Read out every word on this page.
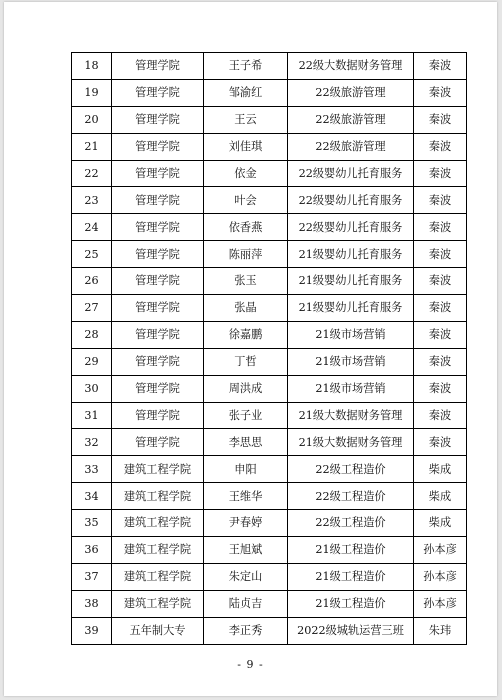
18	管理学院	王子希	22级大数据财务管理	秦波
19	管理学院	邹渝红	22级旅游管理	秦波
20	管理学院	王云	22级旅游管理	秦波
21	管理学院	刘佳琪	22级旅游管理	秦波
22	管理学院	依金	22级婴幼儿托育服务	秦波
23	管理学院	叶会	22级婴幼儿托育服务	秦波
24	管理学院	依香燕	22级婴幼儿托育服务	秦波
25	管理学院	陈丽萍	21级婴幼儿托育服务	秦波
26	管理学院	张玉	21级婴幼儿托育服务	秦波
27	管理学院	张晶	21级婴幼儿托育服务	秦波
28	管理学院	徐嘉鹏	21级市场营销	秦波
29	管理学院	丁哲	21级市场营销	秦波
30	管理学院	周洪成	21级市场营销	秦波
31	管理学院	张子业	21级大数据财务管理	秦波
32	管理学院	李思思	21级大数据财务管理	秦波
33	建筑工程学院	申阳	22级工程造价	柴成
34	建筑工程学院	王维华	22级工程造价	柴成
35	建筑工程学院	尹春婷	22级工程造价	柴成
36	建筑工程学院	王旭斌	21级工程造价	孙本彦
37	建筑工程学院	朱定山	21级工程造价	孙本彦
38	建筑工程学院	陆贞吉	21级工程造价	孙本彦
39	五年制大专	李正秀	2022级城轨运营三班	朱玮
- 9 -
